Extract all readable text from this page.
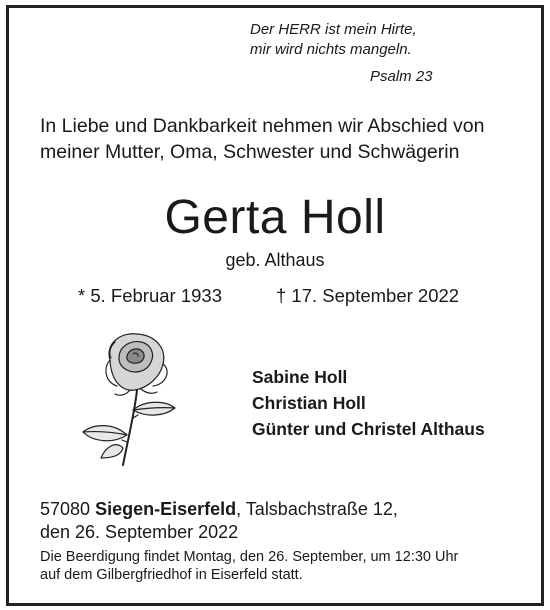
Der HERR ist mein Hirte,
mir wird nichts mangeln.
Psalm 23
In Liebe und Dankbarkeit nehmen wir Abschied von
meiner Mutter, Oma, Schwester und Schwägerin
Gerta Holl
geb. Althaus
* 5. Februar 1933	† 17. September 2022
Sabine Holl
Christian Holl
Günter und Christel Althaus
57080 Siegen-Eiserfeld, Talsbachstraße 12,
den 26. September 2022
Die Beerdigung findet Montag, den 26. September, um 12:30 Uhr
auf dem Gilbergfriedhof in Eiserfeld statt.
